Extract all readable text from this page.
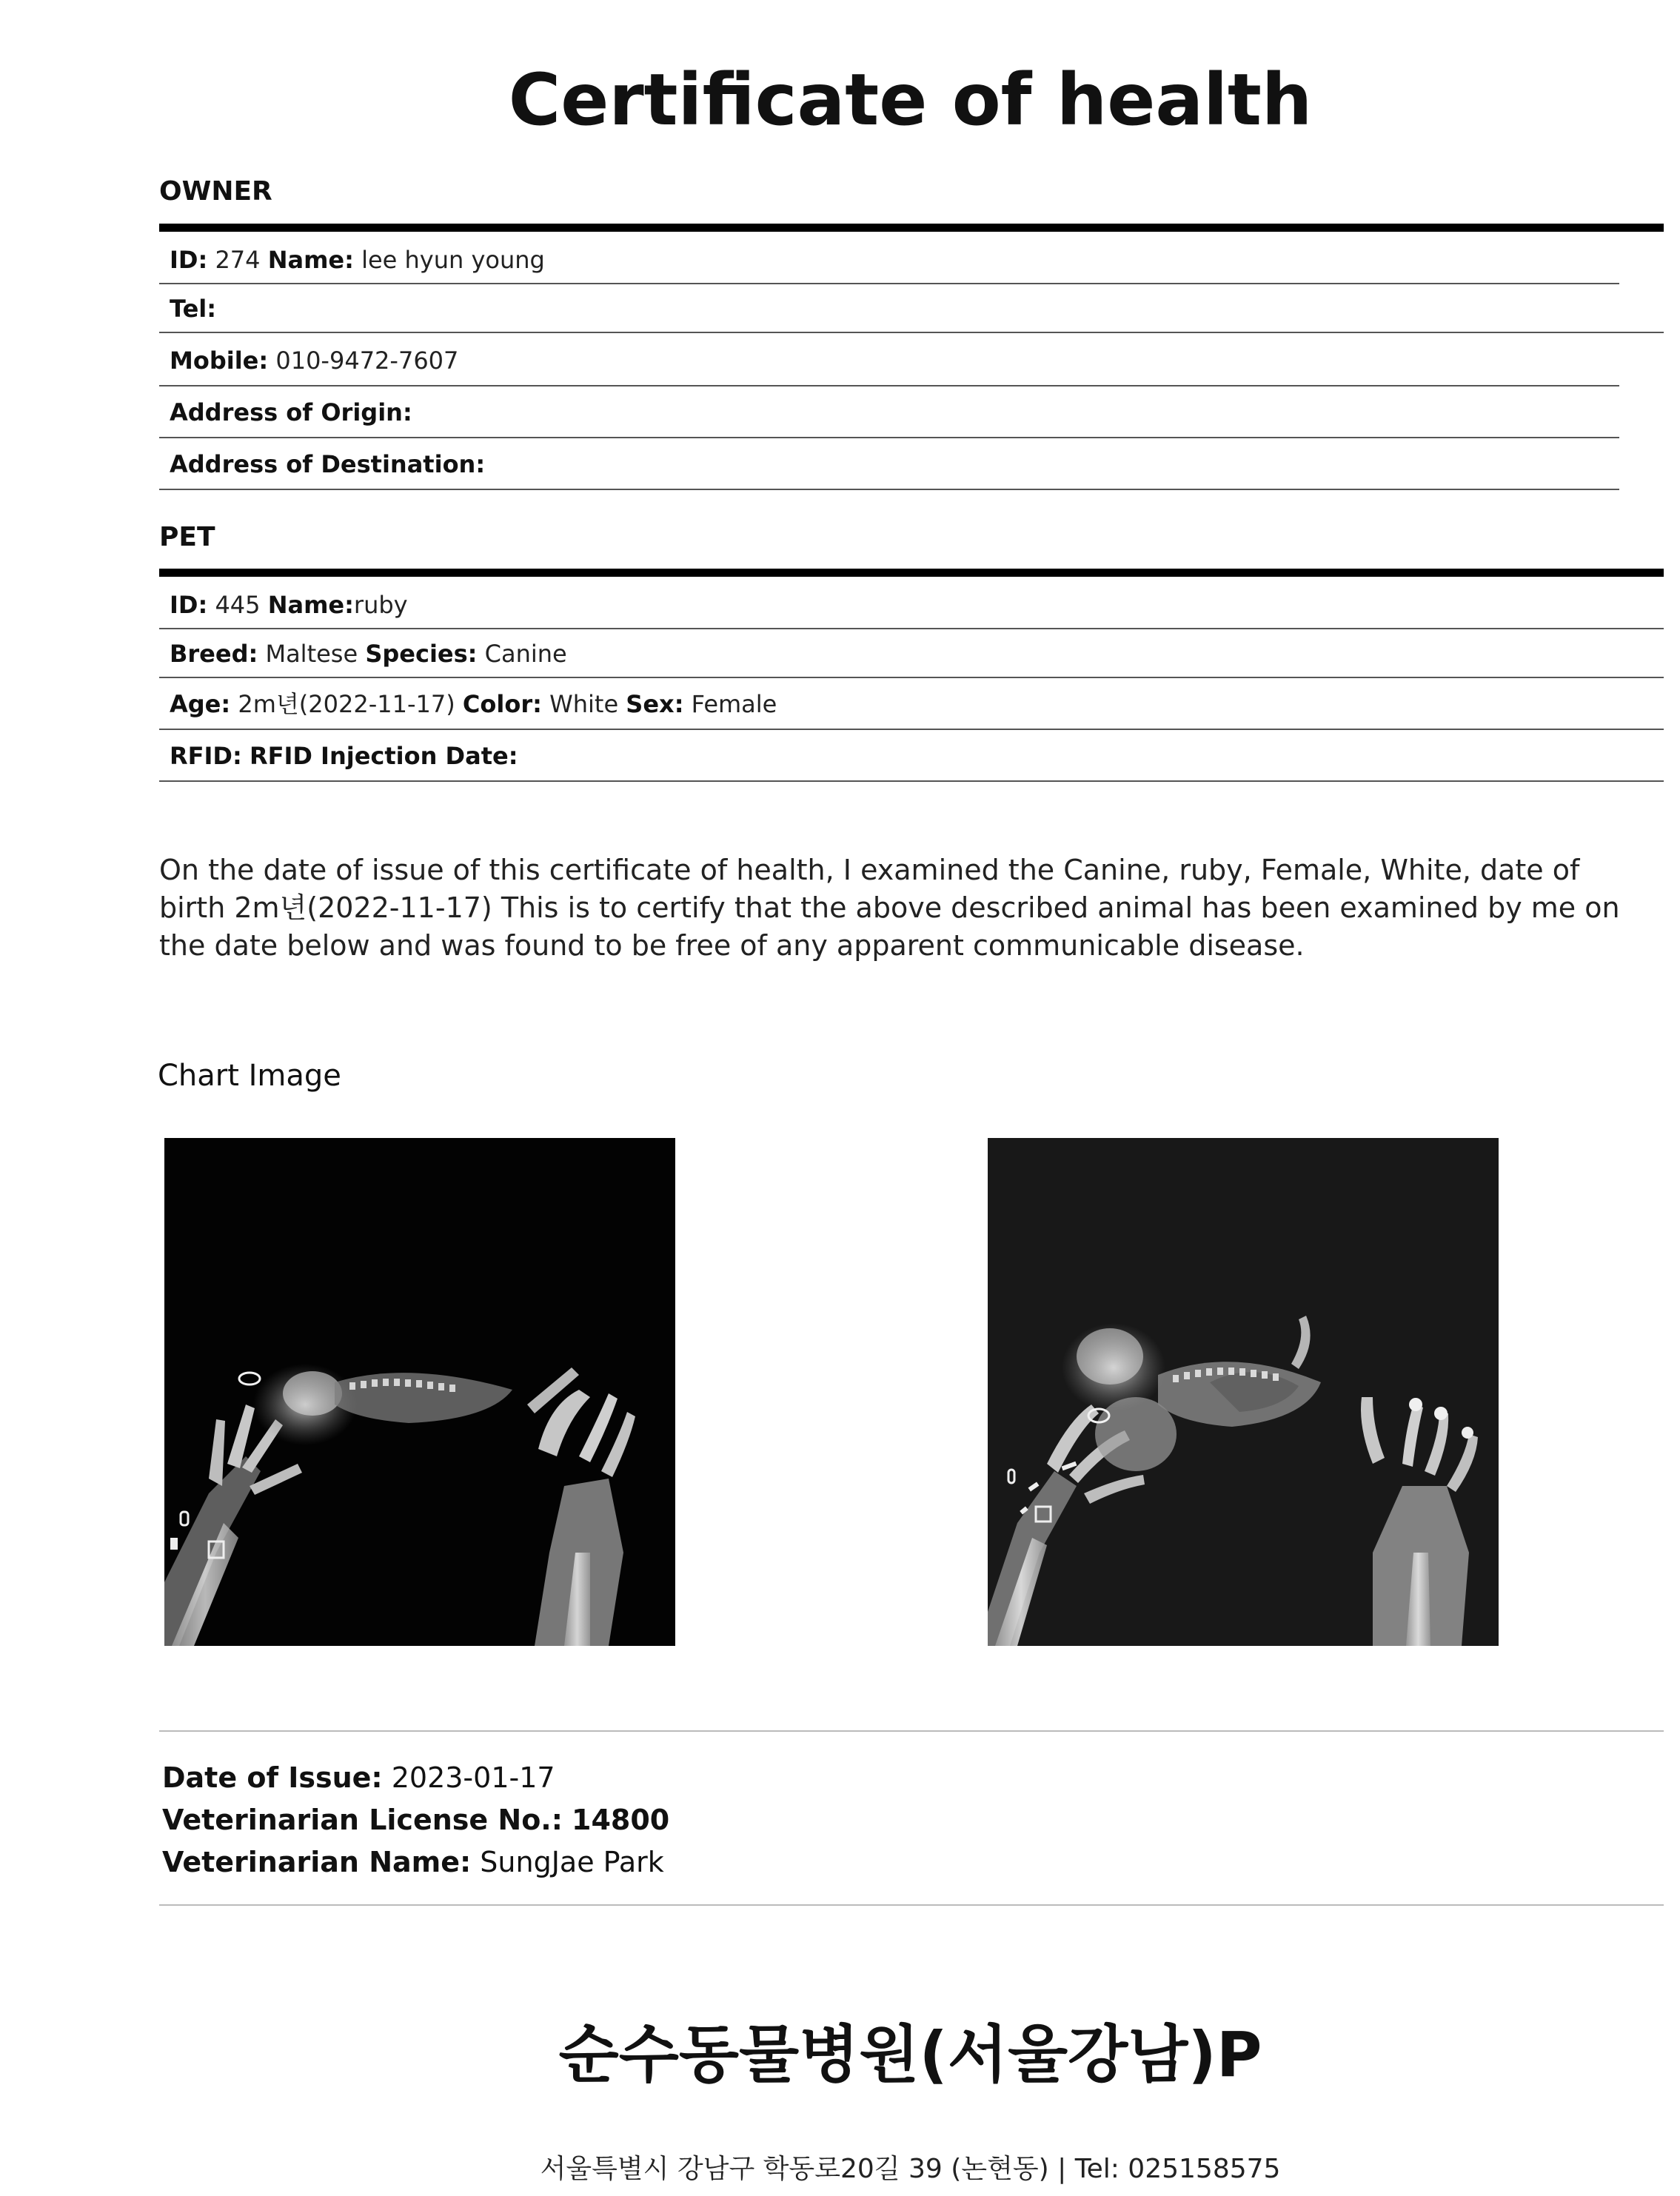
Certificate of health
OWNER
ID: 274 Name: lee hyun young
Tel:
Mobile: 010-9472-7607
Address of Origin:
Address of Destination:
PET
ID: 445 Name:ruby
Breed: Maltese Species: Canine
Age: 2m년(2022-11-17) Color: White Sex: Female
RFID: RFID Injection Date:
On the date of issue of this certificate of health, I examined the Canine, ruby, Female, White, date of birth 2m년(2022-11-17) This is to certify that the above described animal has been examined by me on the date below and was found to be free of any apparent communicable disease.
Chart Image
Date of Issue: 2023-01-17
Veterinarian License No.: 14800
Veterinarian Name: SungJae Park
순수동물병원(서울강남)P
서울특별시 강남구 학동로20길 39 (논현동) | Tel: 025158575
